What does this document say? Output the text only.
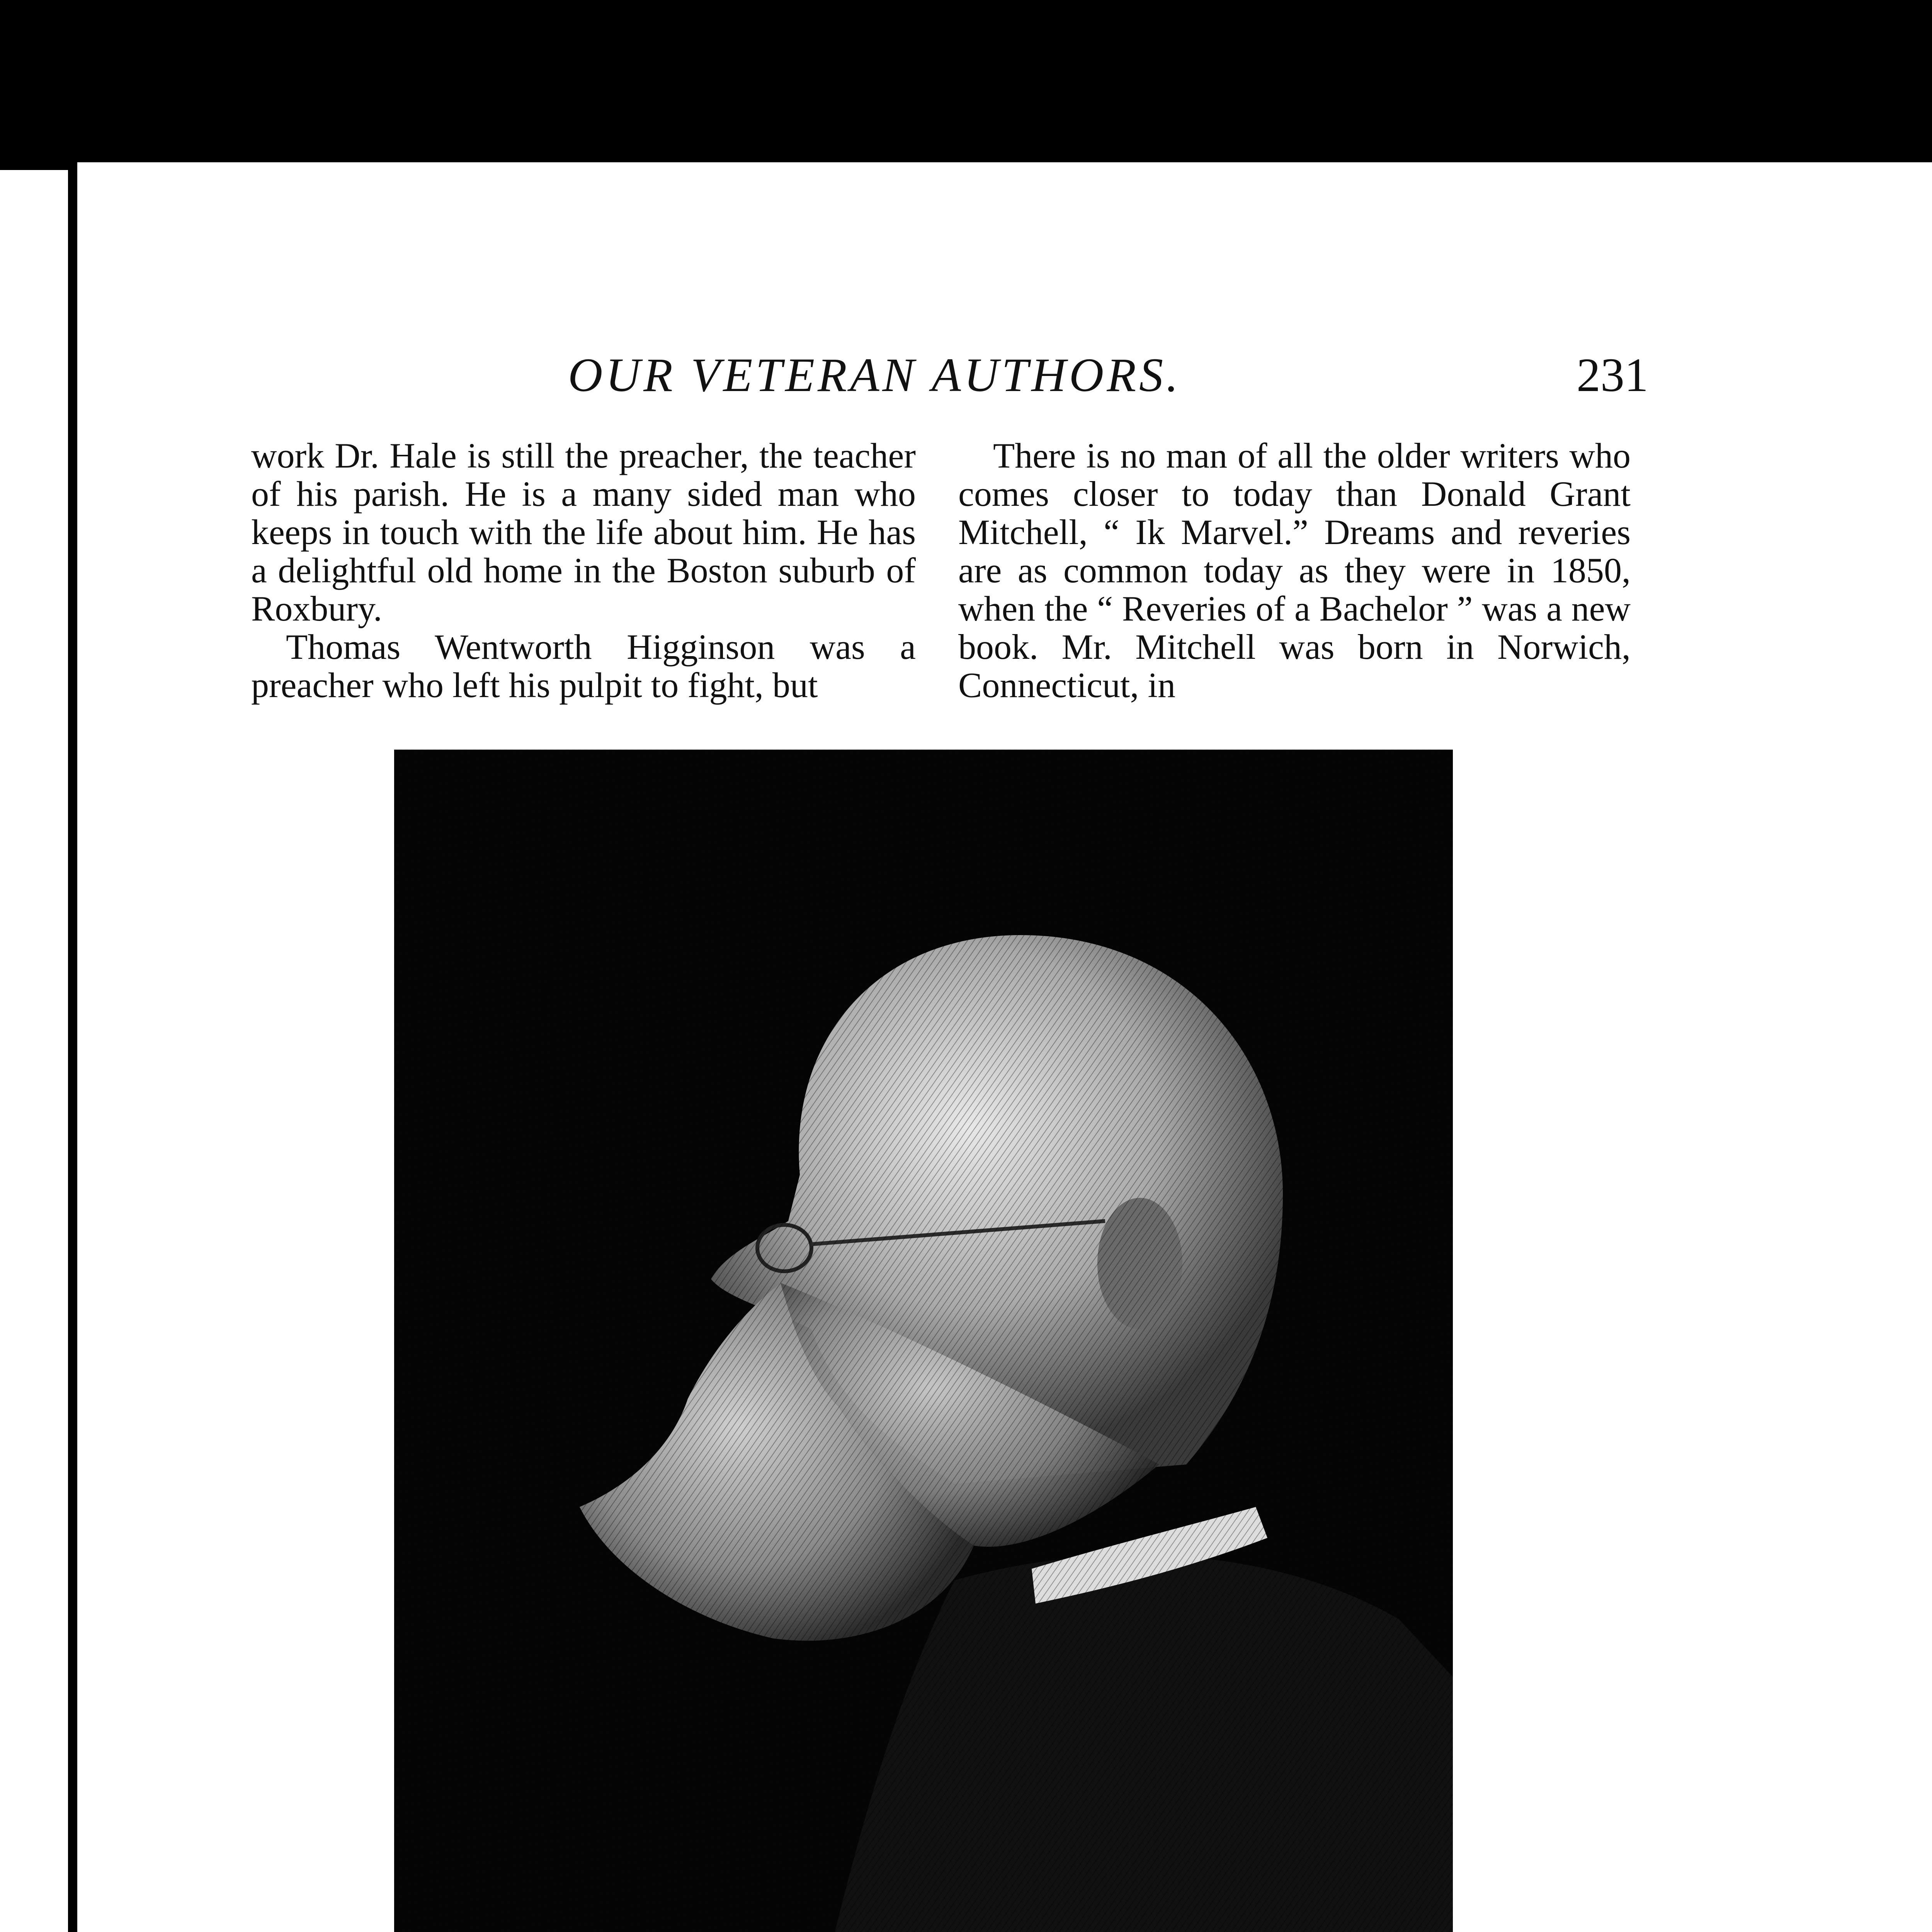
OUR VETERAN AUTHORS.	231

work Dr. Hale is still the preacher, the teacher of his parish. He is a many sided man who keeps in touch with the life about him. He has a delightful old home in the Boston suburb of Roxbury.

Thomas Wentworth Higginson was a preacher who left his pulpit to fight, but

There is no man of all the older writers who comes closer to today than Donald Grant Mitchell, “ Ik Marvel.” Dreams and reveries are as common today as they were in 1850, when the “ Reveries of a Bachelor ” was a new book. Mr. Mitchell was born in Norwich, Connecticut, in
